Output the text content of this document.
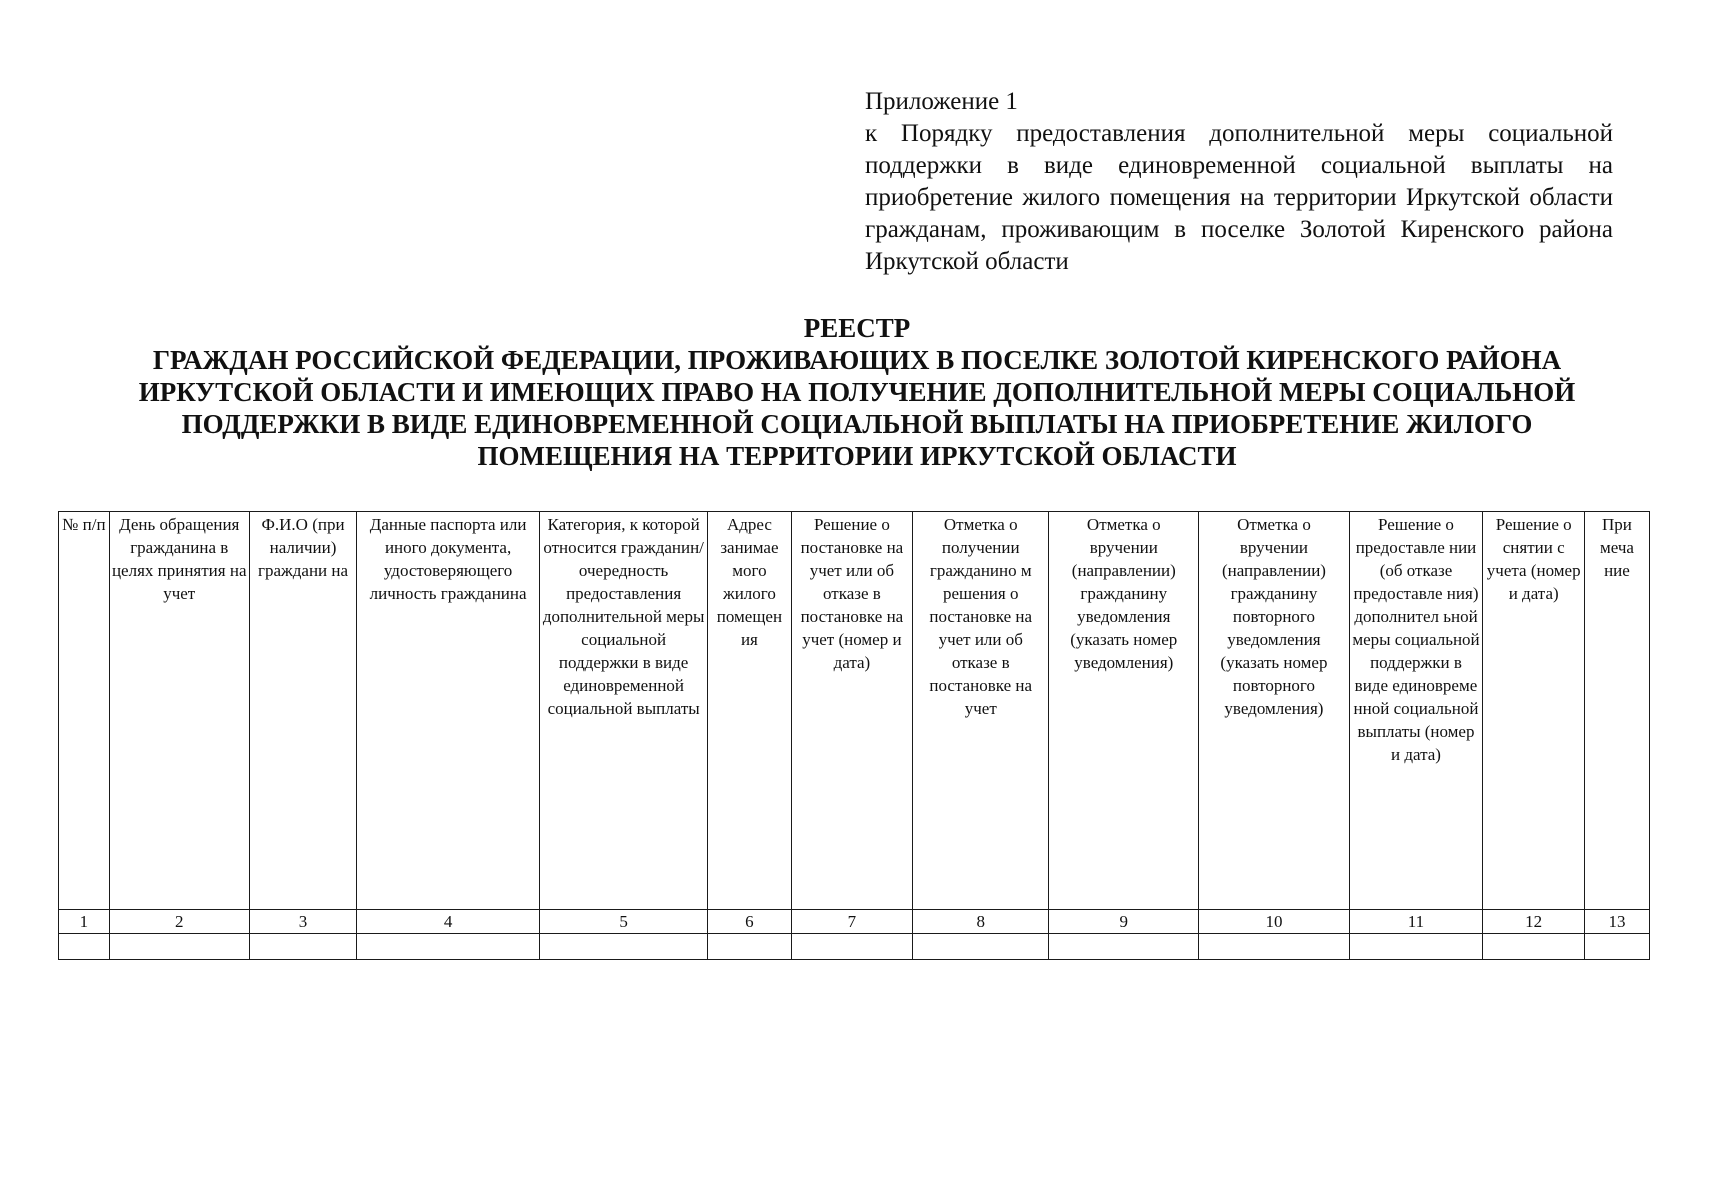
Приложение 1
к Порядку предоставления дополнительной меры социальной поддержки в виде единовременной социальной выплаты на приобретение жилого помещения на территории Иркутской области гражданам, проживающим в поселке Золотой Киренского района Иркутской области
РЕЕСТР
ГРАЖДАН РОССИЙСКОЙ ФЕДЕРАЦИИ, ПРОЖИВАЮЩИХ В ПОСЕЛКЕ ЗОЛОТОЙ КИРЕНСКОГО РАЙОНА ИРКУТСКОЙ ОБЛАСТИ И ИМЕЮЩИХ ПРАВО НА ПОЛУЧЕНИЕ ДОПОЛНИТЕЛЬНОЙ МЕРЫ СОЦИАЛЬНОЙ ПОДДЕРЖКИ В ВИДЕ ЕДИНОВРЕМЕННОЙ СОЦИАЛЬНОЙ ВЫПЛАТЫ НА ПРИОБРЕТЕНИЕ ЖИЛОГО ПОМЕЩЕНИЯ НА ТЕРРИТОРИИ ИРКУТСКОЙ ОБЛАСТИ
№ п/п	День обращения гражданина в целях принятия на учет	Ф.И.О (при наличии) граждани на	Данные паспорта или иного документа, удостоверяющего личность гражданина	Категория, к которой относится гражданин/ очередность предоставления дополнительной меры социальной поддержки в виде единовременной социальной выплаты	Адрес занимае мого жилого помещен ия	Решение о постановке на учет или об отказе в постановке на учет (номер и дата)	Отметка о получении гражданино м решения о постановке на учет или об отказе в постановке на учет	Отметка о вручении (направлении) гражданину уведомления (указать номер уведомления)	Отметка о вручении (направлении) гражданину повторного уведомления (указать номер повторного уведомления)	Решение о предоставле нии (об отказе предоставле ния) дополнител ьной меры социальной поддержки в виде единовреме нной социальной выплаты (номер и дата)	Решение о снятии с учета (номер и дата)	При меча ние
1	2	3	4	5	6	7	8	9	10	11	12	13
